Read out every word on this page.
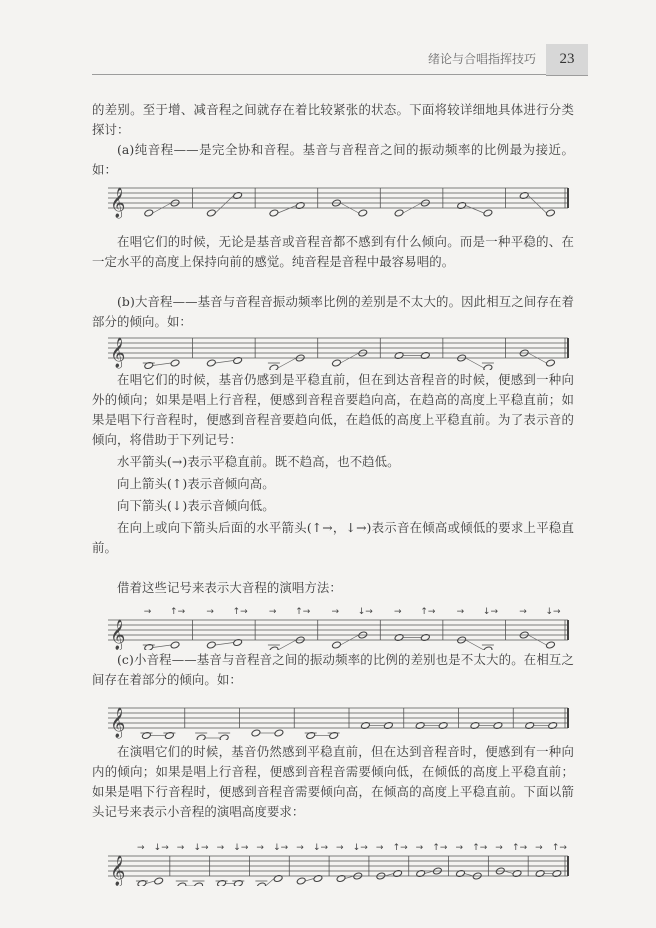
绪论与合唱指挥技巧	23
的差别。至于增、减音程之间就存在着比较紧张的状态。下面将较详细地具体进行分类探讨：
(a)纯音程——是完全协和音程。基音与音程音之间的振动频率的比例最为接近。如：
𝄞
在唱它们的时候，无论是基音或音程音都不感到有什么倾向。而是一种平稳的、在一定水平的高度上保持向前的感觉。纯音程是音程中最容易唱的。
(b)大音程——基音与音程音振动频率比例的差别是不太大的。因此相互之间存在着部分的倾向。如：
𝄞
在唱它们的时候，基音仍感到是平稳直前，但在到达音程音的时候，便感到一种向外的倾向；如果是唱上行音程，便感到音程音要趋向高，在趋高的高度上平稳直前；如果是唱下行音程时，便感到音程音要趋向低，在趋低的高度上平稳直前。为了表示音的倾向，将借助于下列记号：
水平箭头(→)表示平稳直前。既不趋高，也不趋低。
向上箭头(↑)表示音倾向高。
向下箭头(↓)表示音倾向低。
在向上或向下箭头后面的水平箭头(↑→，↓→)表示音在倾高或倾低的要求上平稳直前。
借着这些记号来表示大音程的演唱方法：
𝄞
→ ↑→ → ↑→ → ↑→ → ↓→ → ↑→ → ↓→ → ↓→
(c)小音程——基音与音程音之间的振动频率的比例的差别也是不太大的。在相互之间存在着部分的倾向。如：
𝄞
在演唱它们的时候，基音仍然感到平稳直前，但在达到音程音时，便感到有一种向内的倾向；如果是唱上行音程，便感到音程音需要倾向低，在倾低的高度上平稳直前；如果是唱下行音程时，便感到音程音需要倾向高，在倾高的高度上平稳直前。下面以箭头记号来表示小音程的演唱高度要求：
𝄞
→ ↓→ → ↓→ → ↓→ → ↓→ → ↓→ → ↓→ → ↑→ → ↑→ → ↑→ → ↑→ → ↑→
